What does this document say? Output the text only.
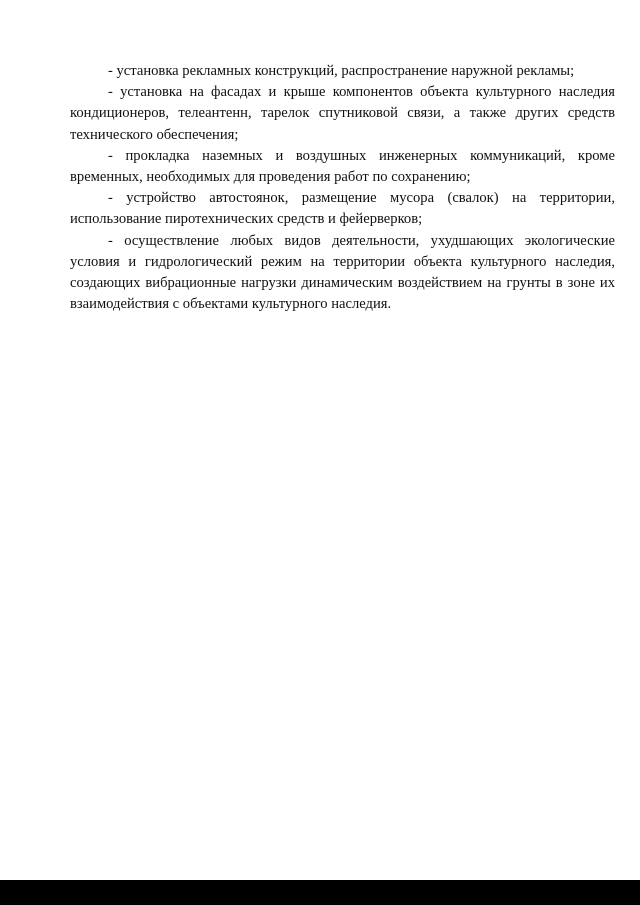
- установка рекламных конструкций, распространение наружной рекламы;

- установка на фасадах и крыше компонентов объекта культурного наследия кондиционеров, телеантенн, тарелок спутниковой связи, а также других средств технического обеспечения;

- прокладка наземных и воздушных инженерных коммуникаций, кроме временных, необходимых для проведения работ по сохранению;

- устройство автостоянок, размещение мусора (свалок) на территории, использование пиротехнических средств и фейерверков;

- осуществление любых видов деятельности, ухудшающих экологические условия и гидрологический режим на территории объекта культурного наследия, создающих вибрационные нагрузки динамическим воздействием на грунты в зоне их взаимодействия с объектами культурного наследия.
